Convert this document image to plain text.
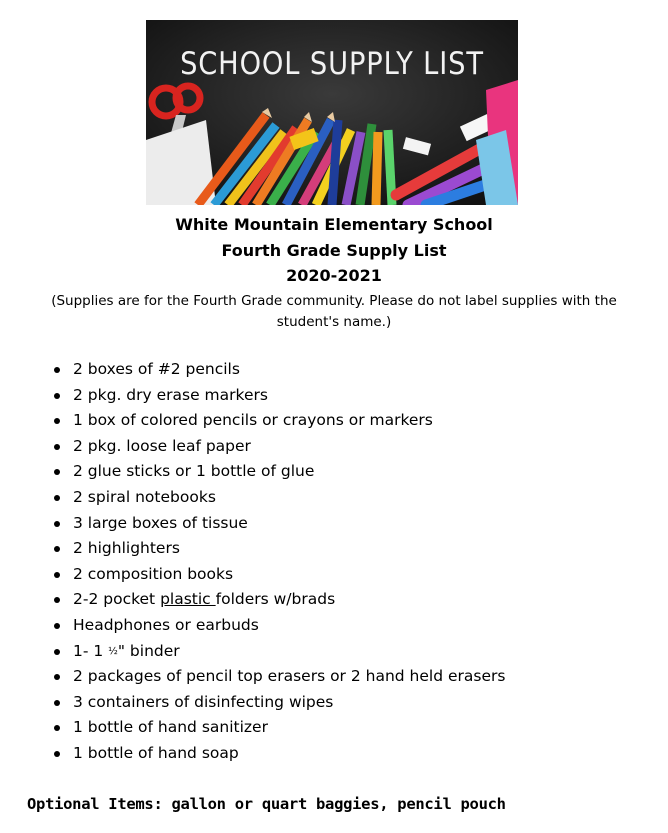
SCHOOL SUPPLY LIST
White Mountain Elementary School
Fourth Grade Supply List
2020-2021
(Supplies are for the Fourth Grade community. Please do not label supplies with the student's name.)
2 boxes of #2 pencils
2 pkg. dry erase markers
1 box of colored pencils or crayons or markers
2 pkg. loose leaf paper
2 glue sticks or 1 bottle of glue
2 spiral notebooks
3 large boxes of tissue
2 highlighters
2 composition books
2-2 pocket plastic folders w/brads
Headphones or earbuds
1- 1 ½" binder
2 packages of pencil top erasers or 2 hand held erasers
3 containers of disinfecting wipes
1 bottle of hand sanitizer
1 bottle of hand soap
Optional Items: gallon or quart baggies, pencil pouch
